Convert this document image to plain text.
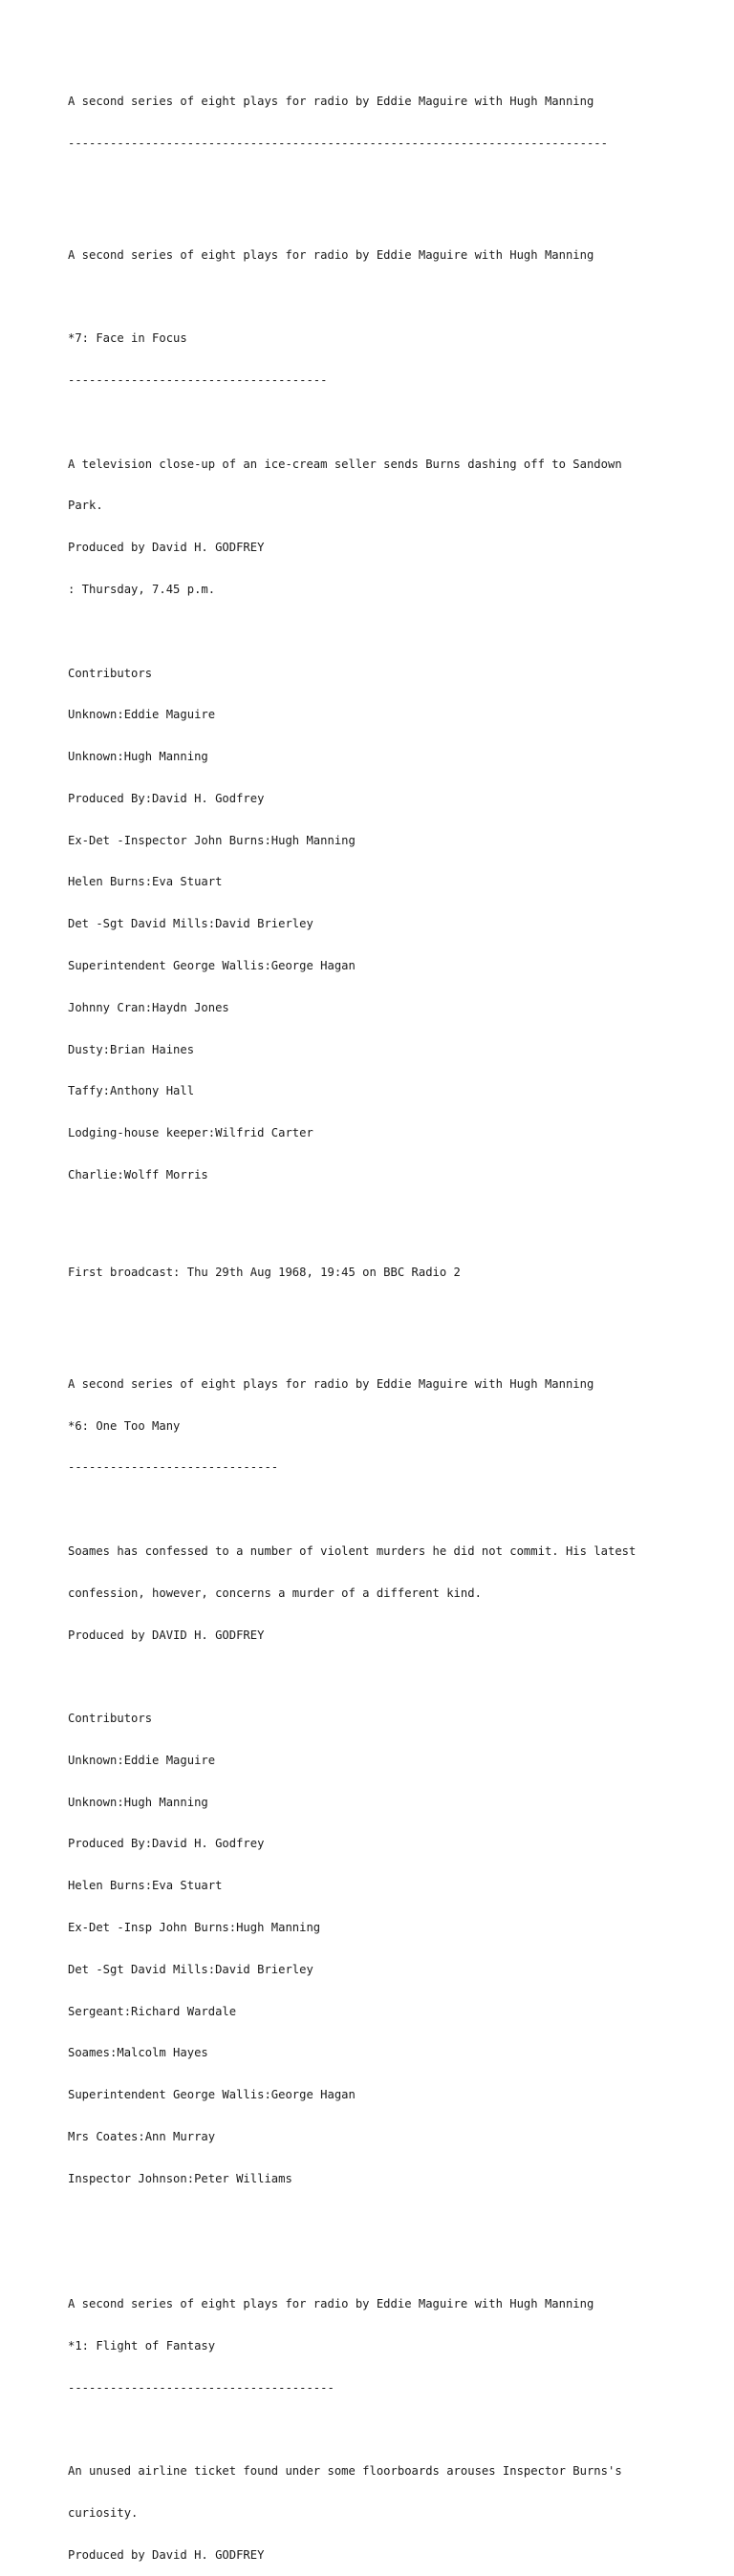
A second series of eight plays for radio by Eddie Maguire with Hugh Manning

-----------------------------------------------------------------------------

A second series of eight plays for radio by Eddie Maguire with Hugh Manning

*7: Face in Focus

-------------------------------------

A television close-up of an ice-cream seller sends Burns dashing off to Sandown

Park.

Produced by David H. GODFREY

: Thursday, 7.45 p.m.

Contributors

Unknown:Eddie Maguire

Unknown:Hugh Manning

Produced By:David H. Godfrey

Ex-Det -Inspector John Burns:Hugh Manning

Helen Burns:Eva Stuart

Det -Sgt David Mills:David Brierley

Superintendent George Wallis:George Hagan

Johnny Cran:Haydn Jones

Dusty:Brian Haines

Taffy:Anthony Hall

Lodging-house keeper:Wilfrid Carter

Charlie:Wolff Morris

First broadcast: Thu 29th Aug 1968, 19:45 on BBC Radio 2

A second series of eight plays for radio by Eddie Maguire with Hugh Manning

*6: One Too Many

------------------------------

Soames has confessed to a number of violent murders he did not commit. His latest

confession, however, concerns a murder of a different kind.

Produced by DAVID H. GODFREY

Contributors

Unknown:Eddie Maguire

Unknown:Hugh Manning

Produced By:David H. Godfrey

Helen Burns:Eva Stuart

Ex-Det -Insp John Burns:Hugh Manning

Det -Sgt David Mills:David Brierley

Sergeant:Richard Wardale

Soames:Malcolm Hayes

Superintendent George Wallis:George Hagan

Mrs Coates:Ann Murray

Inspector Johnson:Peter Williams

A second series of eight plays for radio by Eddie Maguire with Hugh Manning

*1: Flight of Fantasy

--------------------------------------

An unused airline ticket found under some floorboards arouses Inspector Burns's

curiosity.

Produced by David H. GODFREY
